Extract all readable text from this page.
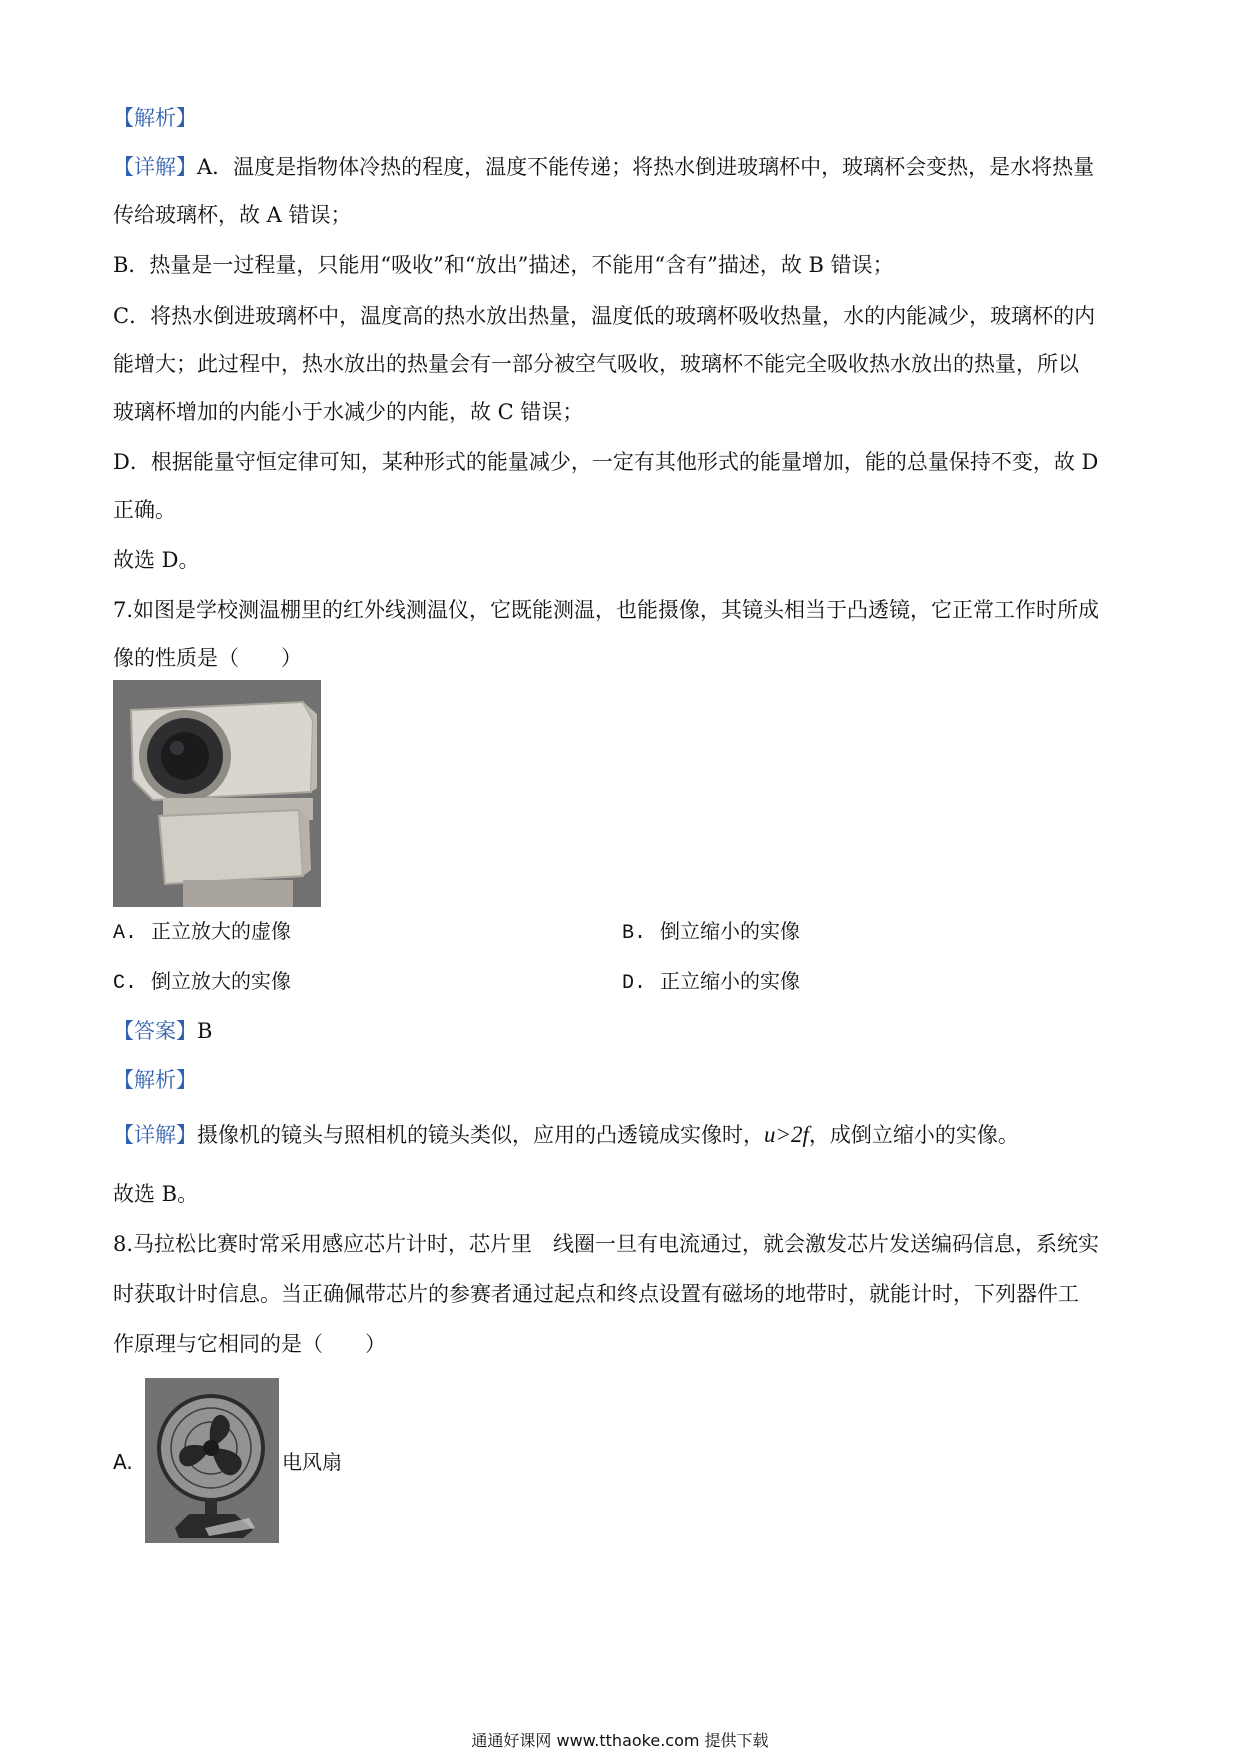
【解析】
【详解】A．温度是指物体冷热的程度，温度不能传递；将热水倒进玻璃杯中，玻璃杯会变热，是水将热量
传给玻璃杯，故 A 错误；
B．热量是一过程量，只能用“吸收”和“放出”描述，不能用“含有”描述，故 B 错误；
C．将热水倒进玻璃杯中，温度高的热水放出热量，温度低的玻璃杯吸收热量，水的内能减少，玻璃杯的内
能增大；此过程中，热水放出的热量会有一部分被空气吸收，玻璃杯不能完全吸收热水放出的热量，所以
玻璃杯增加的内能小于水减少的内能，故 C 错误；
D．根据能量守恒定律可知，某种形式的能量减少，一定有其他形式的能量增加，能的总量保持不变，故 D
正确。
故选 D。
7.如图是学校测温棚里的红外线测温仪，它既能测温，也能摄像，其镜头相当于凸透镜，它正常工作时所成
像的性质是（　　）
A. 正立放大的虚像	B. 倒立缩小的实像
C. 倒立放大的实像	D. 正立缩小的实像
【答案】B
【解析】
【详解】摄像机的镜头与照相机的镜头类似，应用的凸透镜成实像时，u>2f，成倒立缩小的实像。
故选 B。
8.马拉松比赛时常采用感应芯片计时，芯片里　线圈一旦有电流通过，就会激发芯片发送编码信息，系统实
时获取计时信息。当正确佩带芯片的参赛者通过起点和终点设置有磁场的地带时，就能计时，下列器件工
作原理与它相同的是（　　）
A.	电风扇
通通好课网 www.tthaoke.com 提供下载
